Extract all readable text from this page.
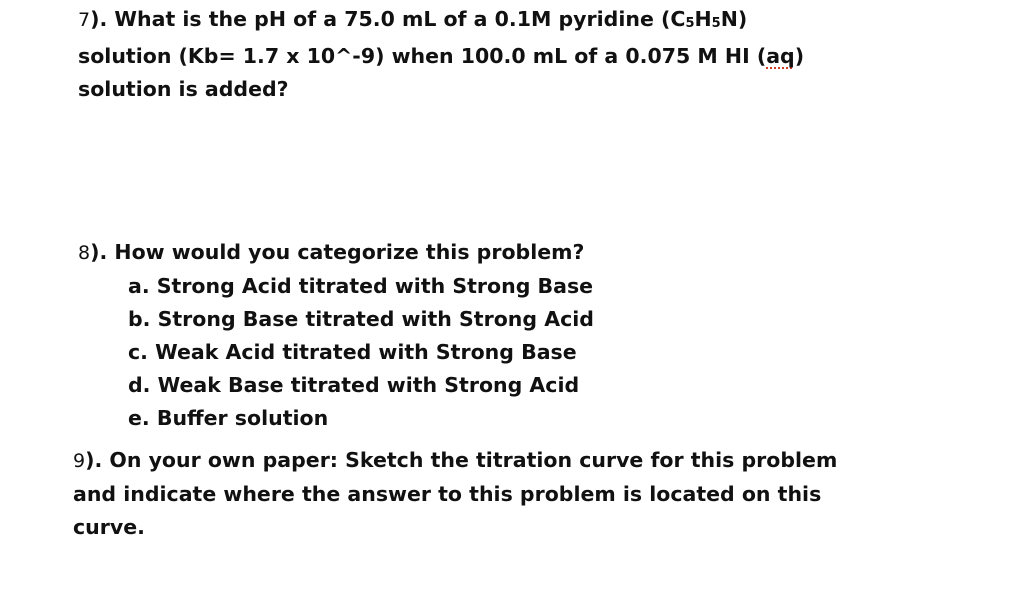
7). What is the pH of a 75.0 mL of a 0.1M pyridine (C5H5N)
solution (Kb= 1.7 x 10^-9) when 100.0 mL of a 0.075 M HI (aq)
solution is added?
8). How would you categorize this problem?
a. Strong Acid titrated with Strong Base
b. Strong Base titrated with Strong Acid
c. Weak Acid titrated with Strong Base
d. Weak Base titrated with Strong Acid
e. Buffer solution
9). On your own paper: Sketch the titration curve for this problem
and indicate where the answer to this problem is located on this
curve.
